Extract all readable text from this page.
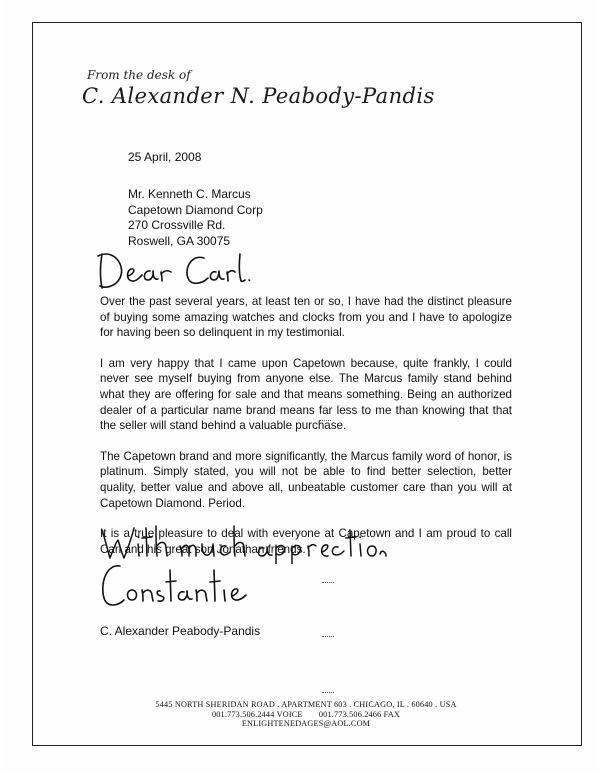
From the desk of
C. Alexander N. Peabody-Pandis
25 April, 2008
Mr. Kenneth C. Marcus
Capetown Diamond Corp
270 Crossville Rd.
Roswell, GA 30075

Over the past several years, at least ten or so, I have had the distinct pleasure of buying some amazing watches and clocks from you and I have to apologize for having been so delinquent in my testimonial.

I am very happy that I came upon Capetown because, quite frankly, I could never see myself buying from anyone else. The Marcus family stand behind what they are offering for sale and that means something. Being an authorized dealer of a particular name brand means far less to me than knowing that that the seller will stand behind a valuable purchase.

The Capetown brand and more significantly, the Marcus family word of honor, is platinum. Simply stated, you will not be able to find better selection, better quality, better value and above all, unbeatable customer care than you will at Capetown Diamond. Period.

It is a true pleasure to deal with everyone at Capetown and I am proud to call Carl and his great son Jonathan friends.

C. Alexander Peabody-Pandis
5445 NORTH SHERIDAN ROAD . APARTMENT 603 . CHICAGO, IL . 60640 . USA
001.773.506.2444 VOICE 001.773.506.2466 FAX
ENLIGHTENEDAGES@AOL.COM
